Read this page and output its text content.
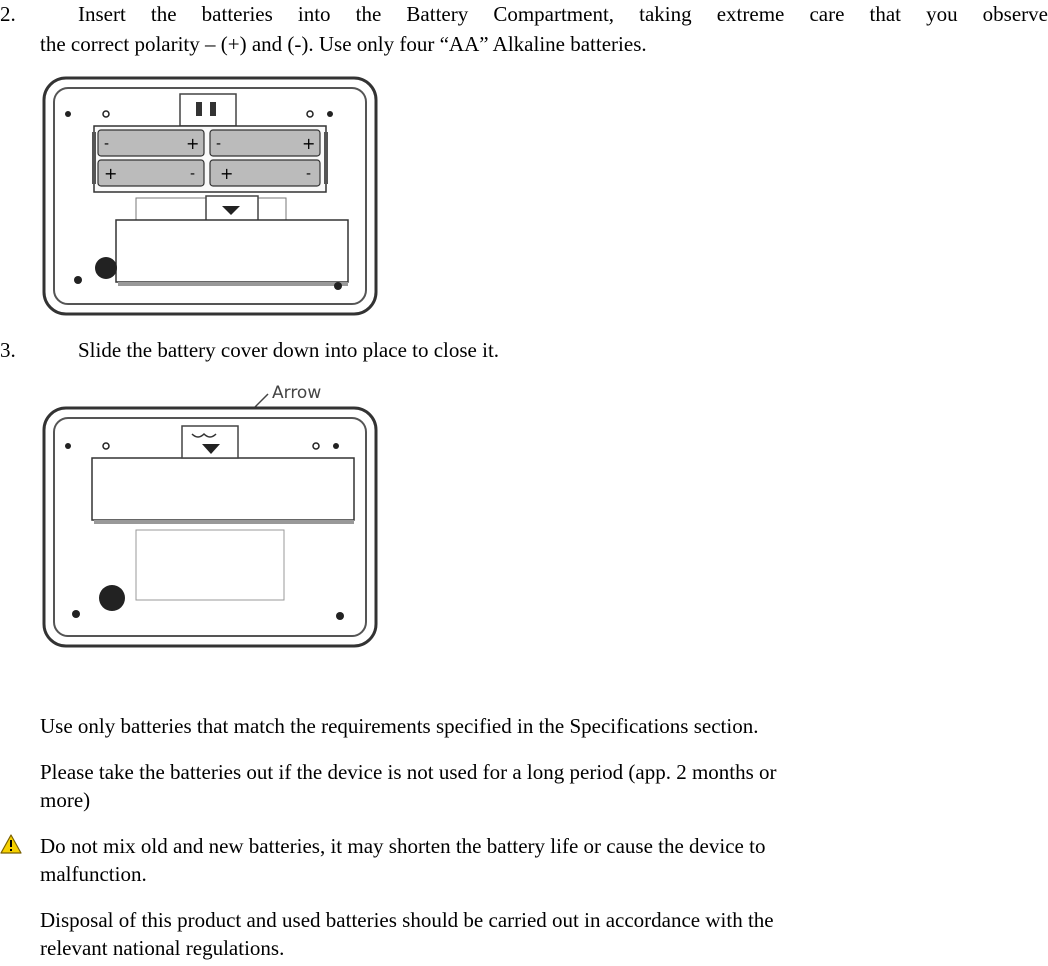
2.	Insert the batteries into the Battery Compartment, taking extreme care that you observe
the correct polarity – (+) and (-). Use only four “AA” Alkaline batteries.
-	+ -	+
+	- +	-
3.	Slide the battery cover down into place to close it.
Arrow
Use only batteries that match the requirements specified in the Specifications section.
Please take the batteries out if the device is not used for a long period (app. 2 months or
more)
Do not mix old and new batteries, it may shorten the battery life or cause the device to
malfunction.
Disposal of this product and used batteries should be carried out in accordance with the
relevant national regulations.
